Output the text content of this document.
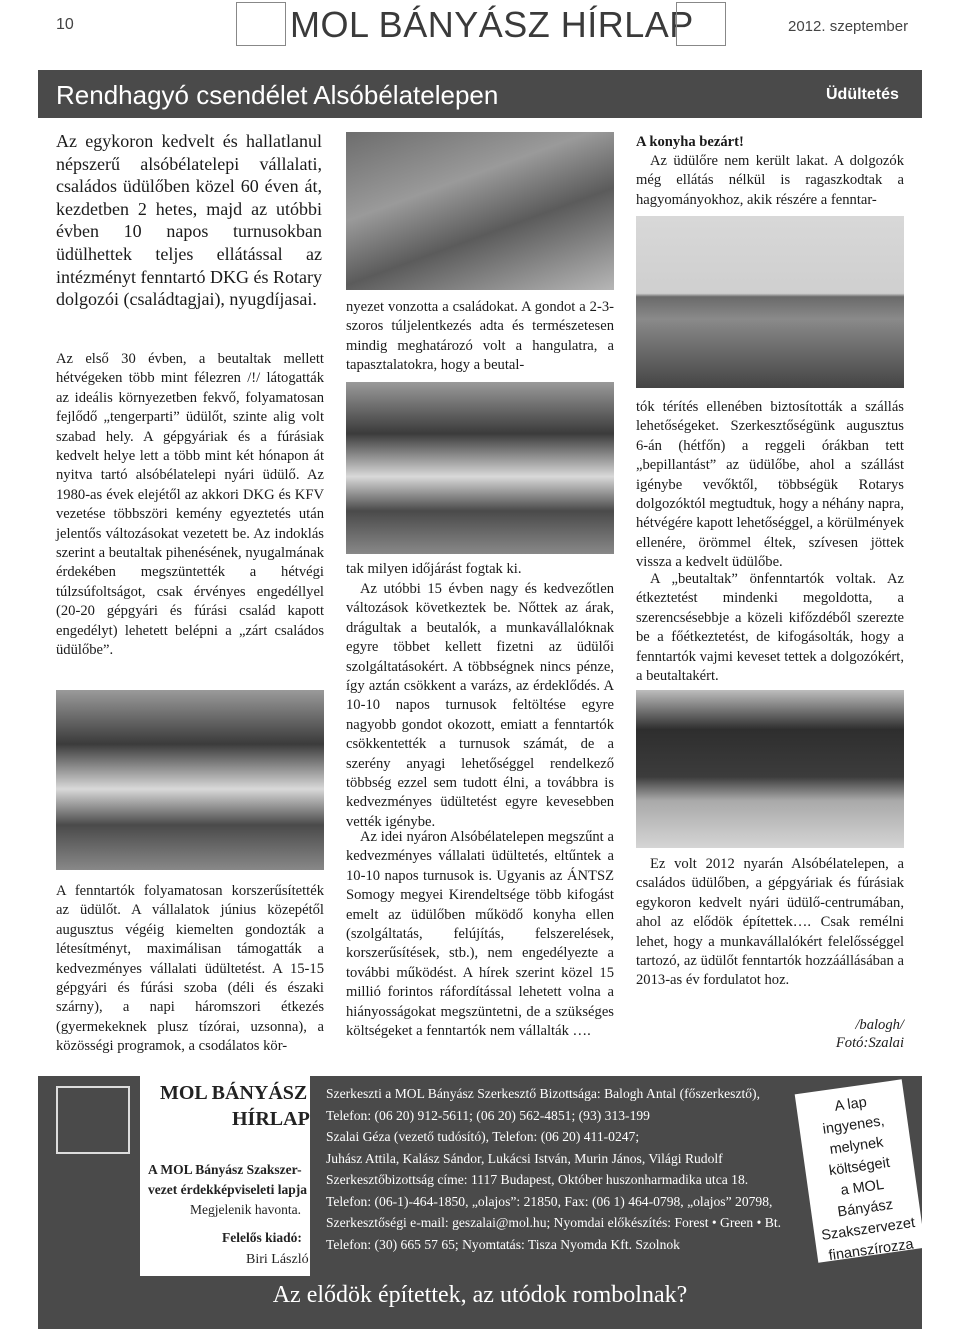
10	MOL BÁNYÁSZ HÍRLAP	2012. szeptember
Rendhagyó csendélet Alsóbélatelepen	Üdültetés
Az egykoron kedvelt és hallatlanul népszerű alsóbélatelepi vállalati, családos üdülőben közel 60 éven át, kezdetben 2 hetes, majd az utóbbi évben 10 napos turnusokban üdülhettek teljes ellátással az intézményt fenntartó DKG és Rotary dolgozói (családtagjai), nyugdíjasai.
Az első 30 évben, a beutaltak mellett hétvégeken több mint félezren /!/ látogatták az ideális környezetben fekvő, folyamatosan fejlődő „tengerparti” üdülőt, szinte alig volt szabad hely. A gépgyáriak és a fúrásiak kedvelt helye lett a több mint két hónapon át nyitva tartó alsóbélatelepi nyári üdülő. Az 1980-as évek elejétől az akkori DKG és KFV vezetése többszöri kemény egyeztetés után jelentős változásokat vezetett be. Az indoklás szerint a beutaltak pihenésének, nyugalmának érdekében megszüntették a hétvégi túlzsúfoltságot, csak érvényes engedéllyel (20-20 gépgyári és fúrási család kapott engedélyt) lehetett belépni a „zárt családos üdülőbe”.
A fenntartók folyamatosan korszerűsítették az üdülőt. A vállalatok június közepétől augusztus végéig kiemelten gondozták a létesítményt, maximálisan támogatták a kedvezményes vállalati üdültetést. A 15-15 gépgyári és fúrási szoba (déli és északi szárny), a napi háromszori étkezés (gyermekeknek plusz tízórai, uzsonna), a közösségi programok, a csodálatos kör-
nyezet vonzotta a családokat. A gondot a 2-3-szoros túljelentkezés adta és természetesen mindig meghatározó volt a hangulatra, a tapasztalatokra, hogy a beutal-
tak milyen időjárást fogtak ki.
Az utóbbi 15 évben nagy és kedvezőtlen változások következtek be. Nőttek az árak, drágultak a beutalók, a munkavállalóknak egyre többet kellett fizetni az üdülői szolgáltatásokért. A többségnek nincs pénze, így aztán csökkent a varázs, az érdeklődés. A 10-10 napos turnusok feltöltése egyre nagyobb gondot okozott, emiatt a fenntartók csökkentették a turnusok számát, de a szerény anyagi lehetőséggel rendelkező többség ezzel sem tudott élni, a továbbra is kedvezményes üdültetést egyre kevesebben vették igénybe.
Az idei nyáron Alsóbélatelepen megszűnt a kedvezményes vállalati üdültetés, eltűntek a 10-10 napos turnusok is. Ugyanis az ÁNTSZ Somogy megyei Kirendeltsége több kifogást emelt az üdülőben működő konyha ellen (szolgáltatás, felújítás, felszerelések, korszerűsítések, stb.), nem engedélyezte a további működést. A hírek szerint közel 15 millió forintos ráfordítással lehetett volna a hiányosságokat megszüntetni, de a szükséges költségeket a fenntartók nem vállalták ….
A konyha bezárt!
Az üdülőre nem került lakat. A dolgozók még ellátás nélkül is ragaszkodtak a hagyományokhoz, akik részére a fenntar-
tók térítés ellenében biztosították a szállás lehetőségeket. Szerkesztőségünk augusztus 6-án (hétfőn) a reggeli órákban tett „bepillantást” az üdülőbe, ahol a szállást igénybe vevőktől, többségük Rotarys dolgozóktól megtudtuk, hogy a néhány napra, hétvégére kapott lehetőséggel, a körülmények ellenére, örömmel éltek, szívesen jöttek vissza a kedvelt üdülőbe.
A „beutaltak” önfenntartók voltak. Az étkeztetést mindenki megoldotta, a szerencsésebbje a közeli kifőzdéből szerezte be a főétkeztetést, de kifogásolták, hogy a fenntartók vajmi keveset tettek a dolgozókért, a beutaltakért.
Ez volt 2012 nyarán Alsóbélatelepen, a családos üdülőben, a gépgyáriak és fúrásiak egykoron kedvelt nyári üdülő-centrumában, ahol az elődök építettek…. Csak remélni lehet, hogy a munkavállalókért felelősséggel tartozó, az üdülőt fenntartók hozzáállásában a 2013-as év fordulatot hoz.
/balogh/
Fotó:Szalai
MOL BÁNYÁSZ
HÍRLAP
A MOL Bányász Szakszer-
vezet érdekképviseleti lapja
Megjelenik havonta.
Felelős kiadó:
Biri László
Szerkeszti a MOL Bányász Szerkesztő Bizottsága: Balogh Antal (főszerkesztő),
Telefon: (06 20) 912-5611; (06 20) 562-4851; (93) 313-199
Szalai Géza (vezető tudósító), Telefon: (06 20) 411-0247;
Juhász Attila, Kalász Sándor, Lukácsi István, Murin János, Világi Rudolf
Szerkesztőbizottság címe: 1117 Budapest, Október huszonharmadika utca 18.
Telefon: (06-1)-464-1850, „olajos”: 21850, Fax: (06 1) 464-0798, „olajos” 20798,
Szerkesztőségi e-mail: geszalai@mol.hu; Nyomdai előkészítés: Forest • Green • Bt.
Telefon: (30) 665 57 65; Nyomtatás: Tisza Nyomda Kft. Szolnok
A lap
ingyenes,
melynek
költségeit
a MOL
Bányász
Szakszervezet
finanszírozza
Az elődök építettek, az utódok rombolnak?
